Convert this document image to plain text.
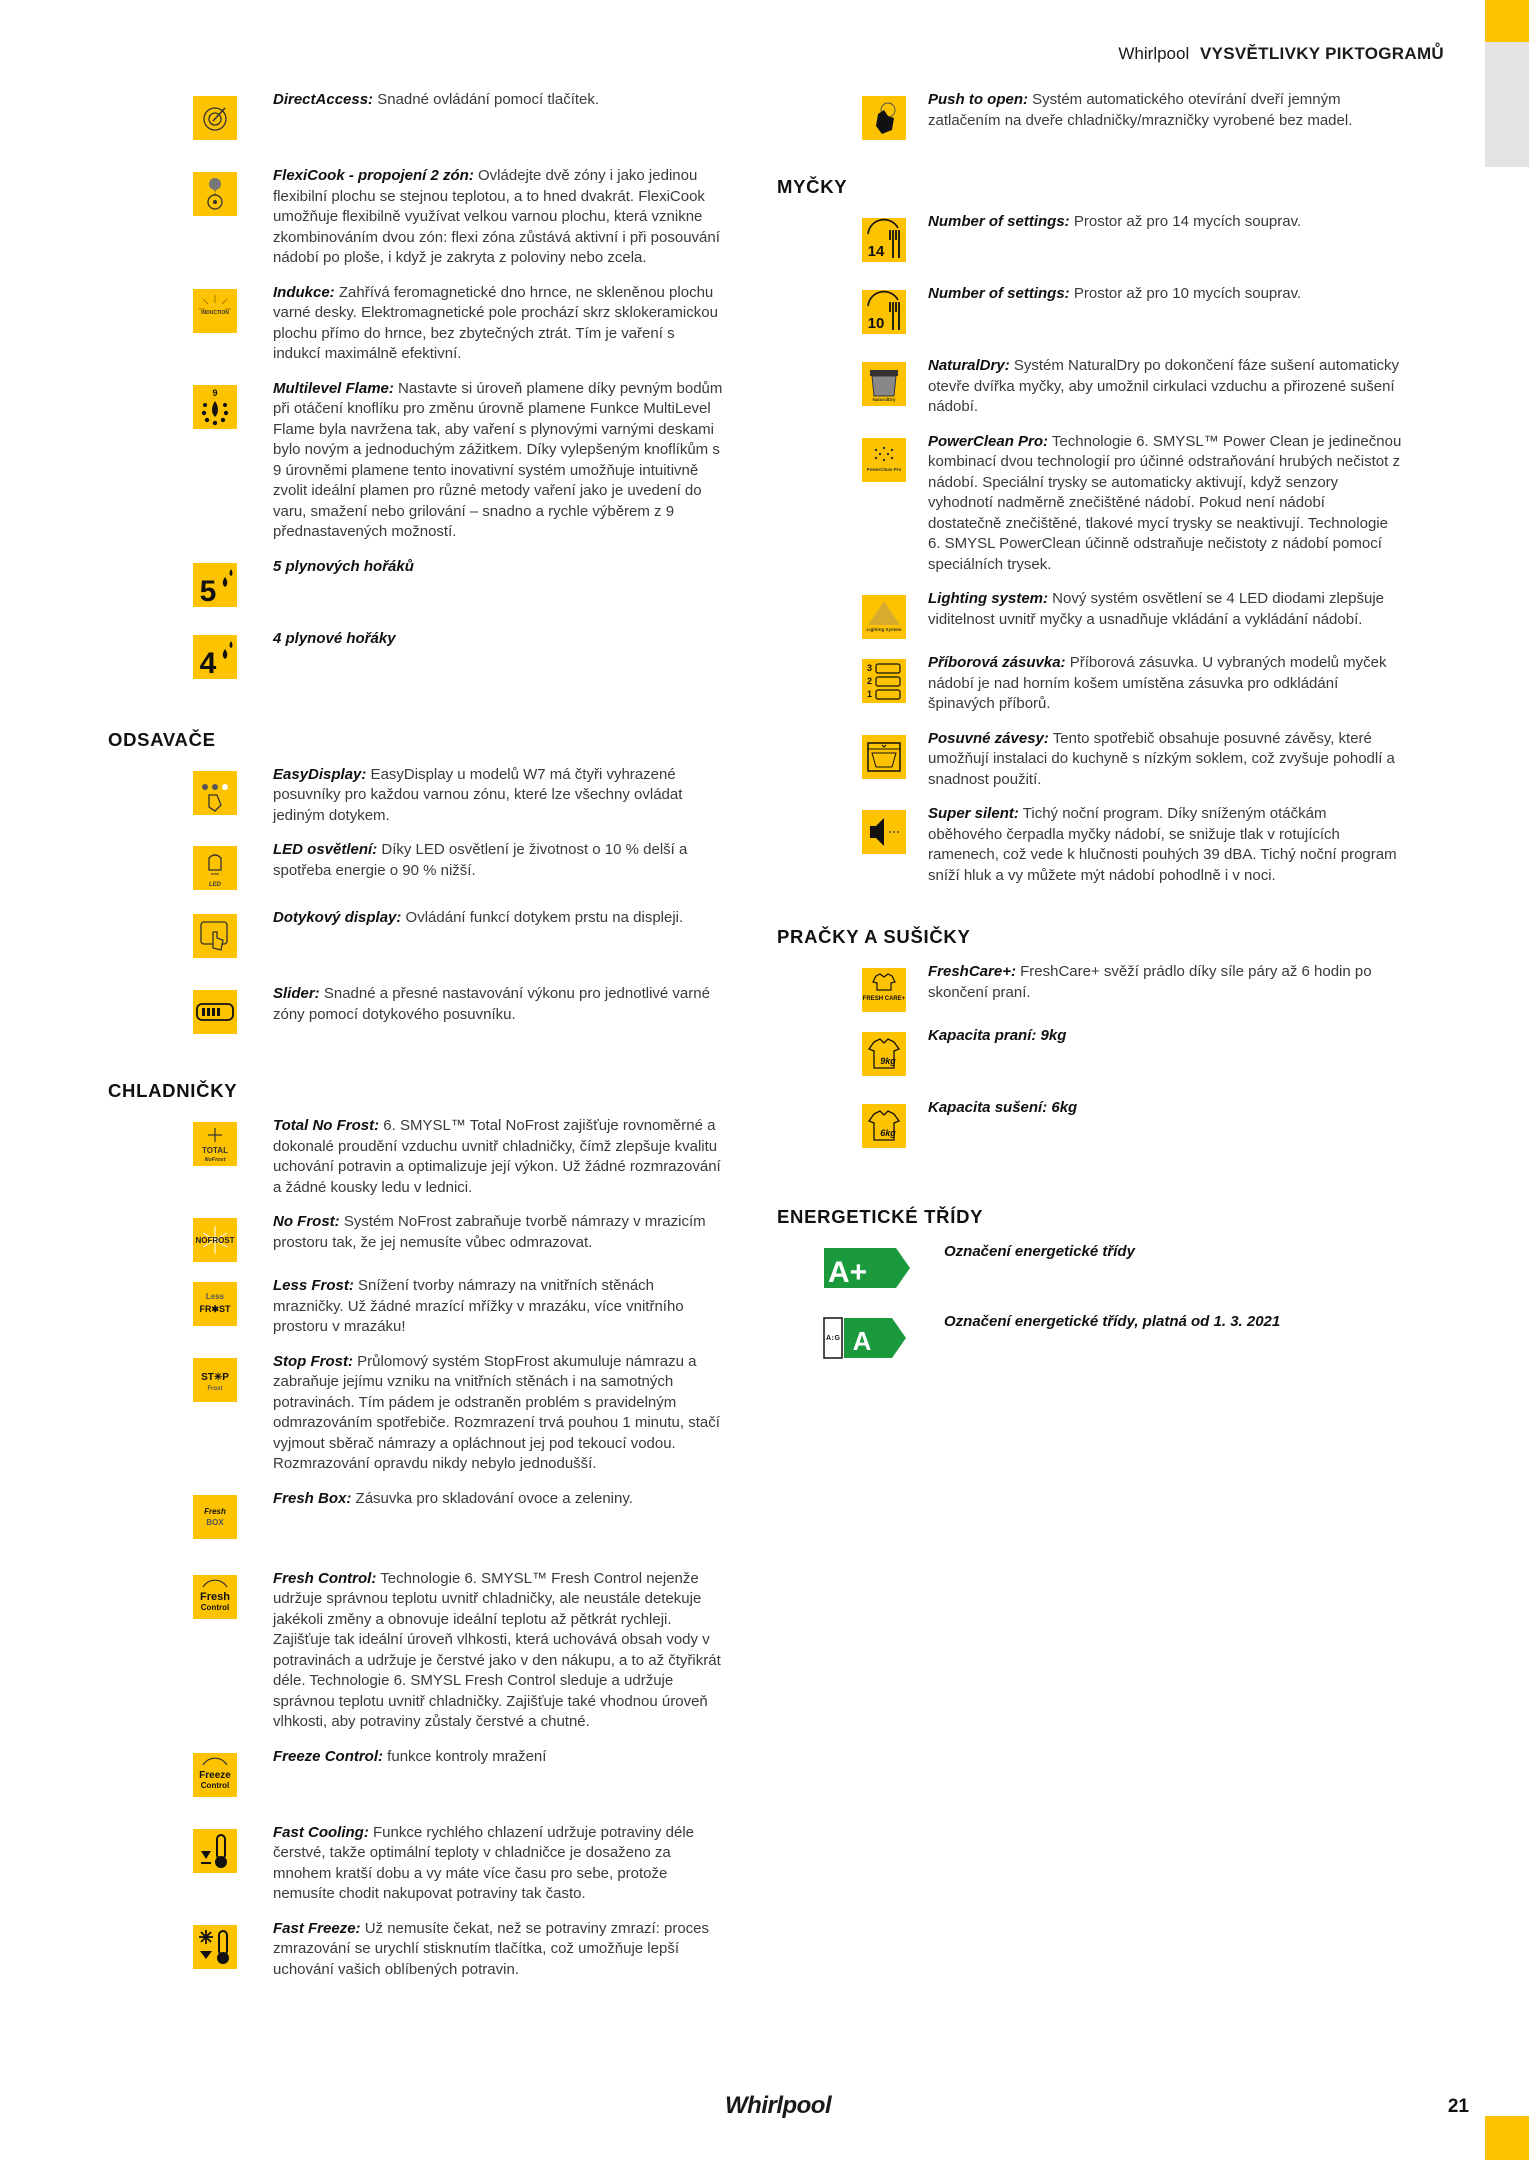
Whirlpool VYSVĚTLIVKY PIKTOGRAMŮ
DirectAccess: Snadné ovládání pomocí tlačítek.
FlexiCook - propojení 2 zón: Ovládejte dvě zóny i jako jedinou flexibilní plochu se stejnou teplotou, a to hned dvakrát. FlexiCook umožňuje flexibilně využívat velkou varnou plochu, která vznikne zkombinováním dvou zón: flexi zóna zůstává aktivní i při posouvání nádobí po ploše, i když je zakryta z poloviny nebo zcela.
INDUCTION
Indukce: Zahřívá feromagnetické dno hrnce, ne skleněnou plochu varné desky. Elektromagnetické pole prochází skrz sklokeramickou plochu přímo do hrnce, bez zbytečných ztrát. Tím je vaření s indukcí maximálně efektivní.
9	Multilevel Flame: Nastavte si úroveň plamene díky pevným bodům při otáčení knoflíku pro změnu úrovně plamene Funkce MultiLevel Flame byla navržena tak, aby vaření s plynovými varnými deskami bylo novým a jednoduchým zážitkem. Díky vylepšeným knoflíkům s 9 úrovněmi plamene tento inovativní systém umožňuje intuitivně zvolit ideální plamen pro různé metody vaření jako je uvedení do varu, smažení nebo grilování – snadno a rychle výběrem z 9 přednastavených možností.
5
5 plynových hořáků
4
4 plynové hořáky
ODSAVAČE
EasyDisplay: EasyDisplay u modelů W7 má čtyři vyhrazené posuvníky pro každou varnou zónu, které lze všechny ovládat jediným dotykem.
LED
LED osvětlení: Díky LED osvětlení je životnost o 10 % delší a spotřeba energie o 90 % nižší.
Dotykový display: Ovládání funkcí dotykem prstu na displeji.
Slider: Snadné a přesné nastavování výkonu pro jednotlivé varné zóny pomocí dotykového posuvníku.
CHLADNIČKY
TOTAL
NoFrost
Total No Frost: 6. SMYSL™ Total NoFrost zajišťuje rovnoměrné a dokonalé proudění vzduchu uvnitř chladničky, čímž zlepšuje kvalitu uchování potravin a optimalizuje její výkon. Už žádné rozmrazování a žádné kousky ledu v lednici.
NOFROST
No Frost: Systém NoFrost zabraňuje tvorbě námrazy v mrazicím prostoru tak, že jej nemusíte vůbec odmrazovat.
Less
FR✱ST
Less Frost: Snížení tvorby námrazy na vnitřních stěnách mrazničky. Už žádné mrazící mřížky v mrazáku, více vnitřního prostoru v mrazáku!
ST✳P
Frost
Stop Frost: Průlomový systém StopFrost akumuluje námrazu a zabraňuje jejímu vzniku na vnitřních stěnách i na samotných potravinách. Tím pádem je odstraněn problém s pravidelným odmrazováním spotřebiče. Rozmrazení trvá pouhou 1 minutu, stačí vyjmout sběrač námrazy a opláchnout jej pod tekoucí vodou. Rozmrazování opravdu nikdy nebylo jednodušší.
Fresh
BOX
Fresh Box: Zásuvka pro skladování ovoce a zeleniny.
Fresh
Control
Fresh Control: Technologie 6. SMYSL™ Fresh Control nejenže udržuje správnou teplotu uvnitř chladničky, ale neustále detekuje jakékoli změny a obnovuje ideální teplotu až pětkrát rychleji. Zajišťuje tak ideální úroveň vlhkosti, která uchovává obsah vody v potravinách a udržuje je čerstvé jako v den nákupu, a to až čtyřikrát déle. Technologie 6. SMYSL Fresh Control sleduje a udržuje správnou teplotu uvnitř chladničky. Zajišťuje také vhodnou úroveň vlhkosti, aby potraviny zůstaly čerstvé a chutné.
Freeze
Control
Freeze Control: funkce kontroly mražení
Fast Cooling: Funkce rychlého chlazení udržuje potraviny déle čerstvé, takže optimální teploty v chladničce je dosaženo za mnohem kratší dobu a vy máte více času pro sebe, protože nemusíte chodit nakupovat potraviny tak často.
Fast Freeze: Už nemusíte čekat, než se potraviny zmrazí: proces zmrazování se urychlí stisknutím tlačítka, což umožňuje lepší uchování vašich oblíbených potravin.
Push to open: Systém automatického otevírání dveří jemným zatlačením na dveře chladničky/mrazničky vyrobené bez madel.
MYČKY
14
Number of settings: Prostor až pro 14 mycích souprav.
10
Number of settings: Prostor až pro 10 mycích souprav.
NaturalDry
NaturalDry: Systém NaturalDry po dokončení fáze sušení automaticky otevře dvířka myčky, aby umožnil cirkulaci vzduchu a přirozené sušení nádobí.
PowerClean Pro
PowerClean Pro: Technologie 6. SMYSL™ Power Clean je jedinečnou kombinací dvou technologií pro účinné odstraňování hrubých nečistot z nádobí. Speciální trysky se automaticky aktivují, když senzory vyhodnotí nadměrně znečištěné nádobí. Pokud není nádobí dostatečně znečištěné, tlakové mycí trysky se neaktivují. Technologie 6. SMYSL PowerClean účinně odstraňuje nečistoty z nádobí pomocí speciálních trysek.
Lighting System
Lighting system: Nový systém osvětlení se 4 LED diodami zlepšuje viditelnost uvnitř myčky a usnadňuje vkládání a vykládání nádobí.
3
2
1
Příborová zásuvka: Příborová zásuvka. U vybraných modelů myček nádobí je nad horním košem umístěna zásuvka pro odkládání špinavých příborů.
Posuvné závesy: Tento spotřebič obsahuje posuvné závěsy, které umožňují instalaci do kuchyně s nízkým soklem, což zvyšuje pohodlí a snadnost použití.
Super silent: Tichý noční program. Díky sníženým otáčkám oběhového čerpadla myčky nádobí, se snižuje tlak v rotujících ramenech, což vede k hlučnosti pouhých 39 dBA. Tichý noční program sníží hluk a vy můžete mýt nádobí pohodlně i v noci.
PRAČKY A SUŠIČKY
FRESH CARE+
FreshCare+: FreshCare+ svěží prádlo díky síle páry až 6 hodin po skončení praní.
9kg
Kapacita praní: 9kg
6kg
Kapacita sušení: 6kg
ENERGETICKÉ TŘÍDY
A+
Označení energetické třídy
A↕G A
Označení energetické třídy, platná od 1. 3. 2021
Whirlpool	21
